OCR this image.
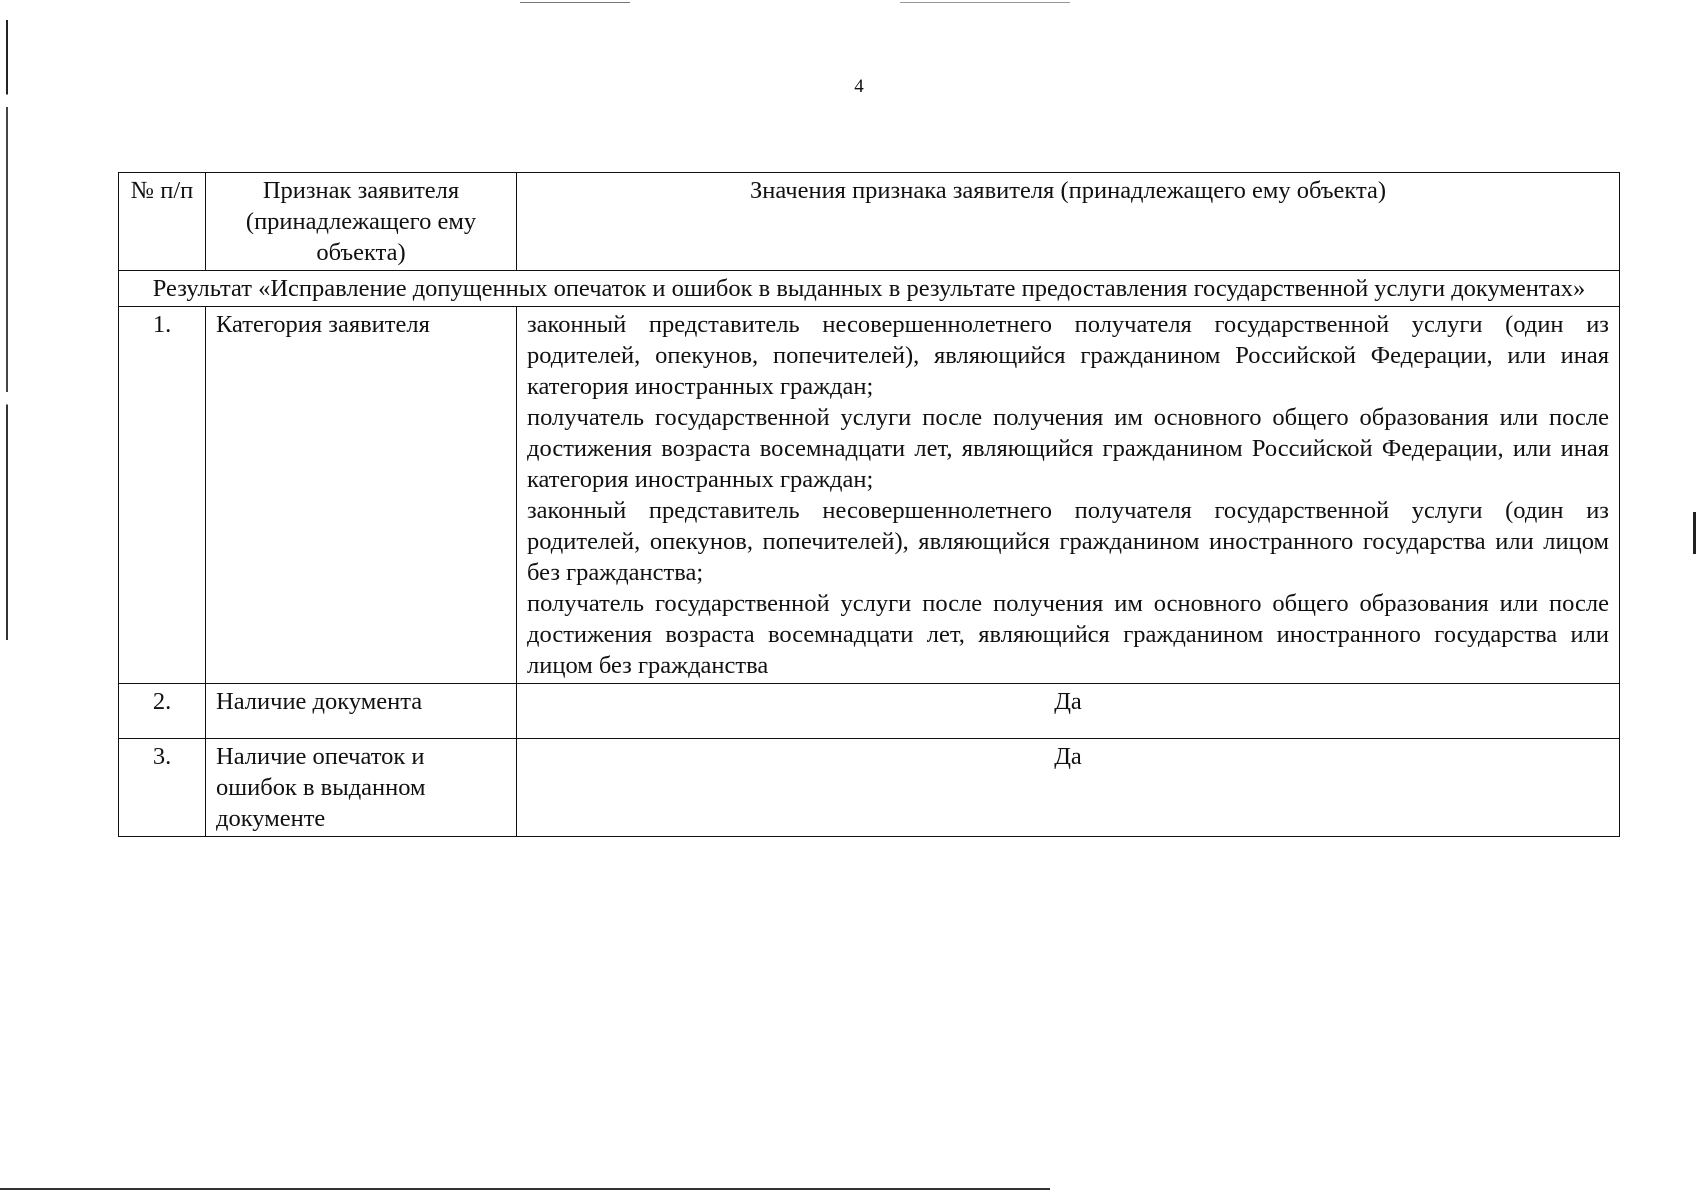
4
№ п/п	Признак заявителя (принадлежащего ему объекта)	Значения признака заявителя (принадлежащего ему объекта)
Результат «Исправление допущенных опечаток и ошибок в выданных в результате предоставления государственной услуги документах»		
1.	Категория заявителя	законный представитель несовершеннолетнего получателя государственной услуги (один из родителей, опекунов, попечителей), являющийся гражданином Российской Федерации, или иная категория иностранных граждан;

получатель государственной услуги после получения им основного общего образования или после достижения возраста восемнадцати лет, являющийся гражданином Российской Федерации, или иная категория иностранных граждан;

законный представитель несовершеннолетнего получателя государственной услуги (один из родителей, опекунов, попечителей), являющийся гражданином иностранного государства или лицом без гражданства;

получатель государственной услуги после получения им основного общего образования или после достижения возраста восемнадцати лет, являющийся гражданином иностранного государства или лицом без гражданства

2.	Наличие документа	Да
3.	Наличие опечаток и ошибок в выданном документе	Да
